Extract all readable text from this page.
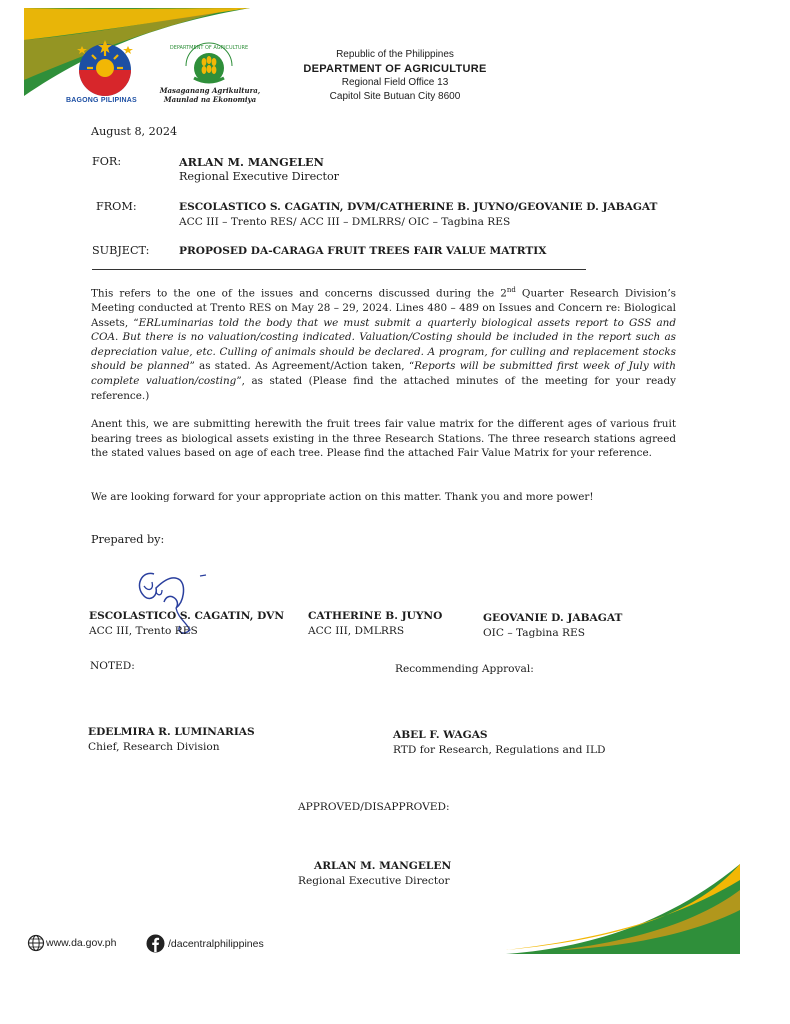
BAGONG PILIPINAS
DEPARTMENT OF AGRICULTURE
Masaganang Agrikultura,
Maunlad na Ekonomiya
Republic of the Philippines
DEPARTMENT OF AGRICULTURE
Regional Field Office 13
Capitol Site Butuan City 8600
August 8, 2024
FOR:	ARLAN M. MANGELEN
Regional Executive Director
FROM:	ESCOLASTICO S. CAGATIN, DVM/CATHERINE B. JUYNO/GEOVANIE D. JABAGAT
ACC III – Trento RES/ ACC III – DMLRRS/ OIC – Tagbina RES
SUBJECT:	PROPOSED DA-CARAGA FRUIT TREES FAIR VALUE MATRTIX
This refers to the one of the issues and concerns discussed during the 2nd Quarter Research Division’s Meeting conducted at Trento RES on May 28 – 29, 2024. Lines 480 – 489 on Issues and Concern re: Biological Assets, “ERLuminarias told the body that we must submit a quarterly biological assets report to GSS and COA. But there is no valuation/costing indicated. Valuation/Costing should be included in the report such as depreciation value, etc. Culling of animals should be declared. A program, for culling and replacement stocks should be planned” as stated. As Agreement/Action taken, “Reports will be submitted first week of July with complete valuation/costing”, as stated (Please find the attached minutes of the meeting for your ready reference.)
Anent this, we are submitting herewith the fruit trees fair value matrix for the different ages of various fruit bearing trees as biological assets existing in the three Research Stations. The three research stations agreed the stated values based on age of each tree. Please find the attached Fair Value Matrix for your reference.
We are looking forward for your appropriate action on this matter. Thank you and more power!
Prepared by:
ESCOLASTICO S. CAGATIN, DVN
ACC III, Trento RES
CATHERINE B. JUYNO
ACC III, DMLRRS
GEOVANIE D. JABAGAT
OIC – Tagbina RES
NOTED:	Recommending Approval:
EDELMIRA R. LUMINARIAS
Chief, Research Division
ABEL F. WAGAS
RTD for Research, Regulations and ILD
APPROVED/DISAPPROVED:
ARLAN M. MANGELEN
Regional Executive Director
www.da.gov.ph	/dacentralphilippines
